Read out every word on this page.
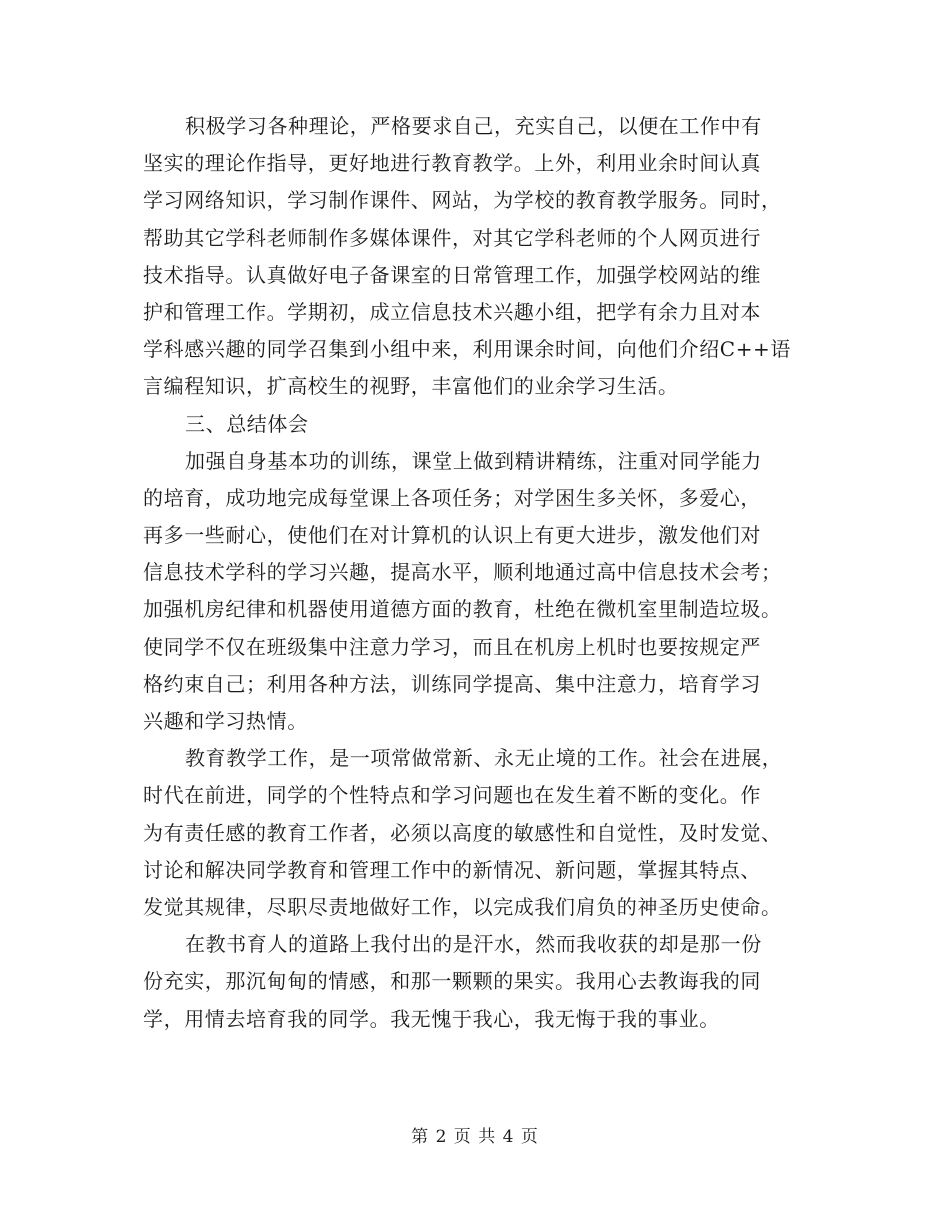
积极学习各种理论，严格要求自己，充实自己，以便在工作中有
坚实的理论作指导，更好地进行教育教学。上外，利用业余时间认真
学习网络知识，学习制作课件、网站，为学校的教育教学服务。同时，
帮助其它学科老师制作多媒体课件，对其它学科老师的个人网页进行
技术指导。认真做好电子备课室的日常管理工作，加强学校网站的维
护和管理工作。学期初，成立信息技术兴趣小组，把学有余力且对本
学科感兴趣的同学召集到小组中来，利用课余时间，向他们介绍C++语
言编程知识，扩高校生的视野，丰富他们的业余学习生活。
三、总结体会
加强自身基本功的训练，课堂上做到精讲精练，注重对同学能力
的培育，成功地完成每堂课上各项任务；对学困生多关怀，多爱心，
再多一些耐心，使他们在对计算机的认识上有更大进步，激发他们对
信息技术学科的学习兴趣，提高水平，顺利地通过高中信息技术会考；
加强机房纪律和机器使用道德方面的教育，杜绝在微机室里制造垃圾。
使同学不仅在班级集中注意力学习，而且在机房上机时也要按规定严
格约束自己；利用各种方法，训练同学提高、集中注意力，培育学习
兴趣和学习热情。
教育教学工作，是一项常做常新、永无止境的工作。社会在进展，
时代在前进，同学的个性特点和学习问题也在发生着不断的变化。作
为有责任感的教育工作者，必须以高度的敏感性和自觉性，及时发觉、
讨论和解决同学教育和管理工作中的新情况、新问题，掌握其特点、
发觉其规律，尽职尽责地做好工作，以完成我们肩负的神圣历史使命。
在教书育人的道路上我付出的是汗水，然而我收获的却是那一份
份充实，那沉甸甸的情感，和那一颗颗的果实。我用心去教诲我的同
学，用情去培育我的同学。我无愧于我心，我无悔于我的事业。
第 2 页 共 4 页
